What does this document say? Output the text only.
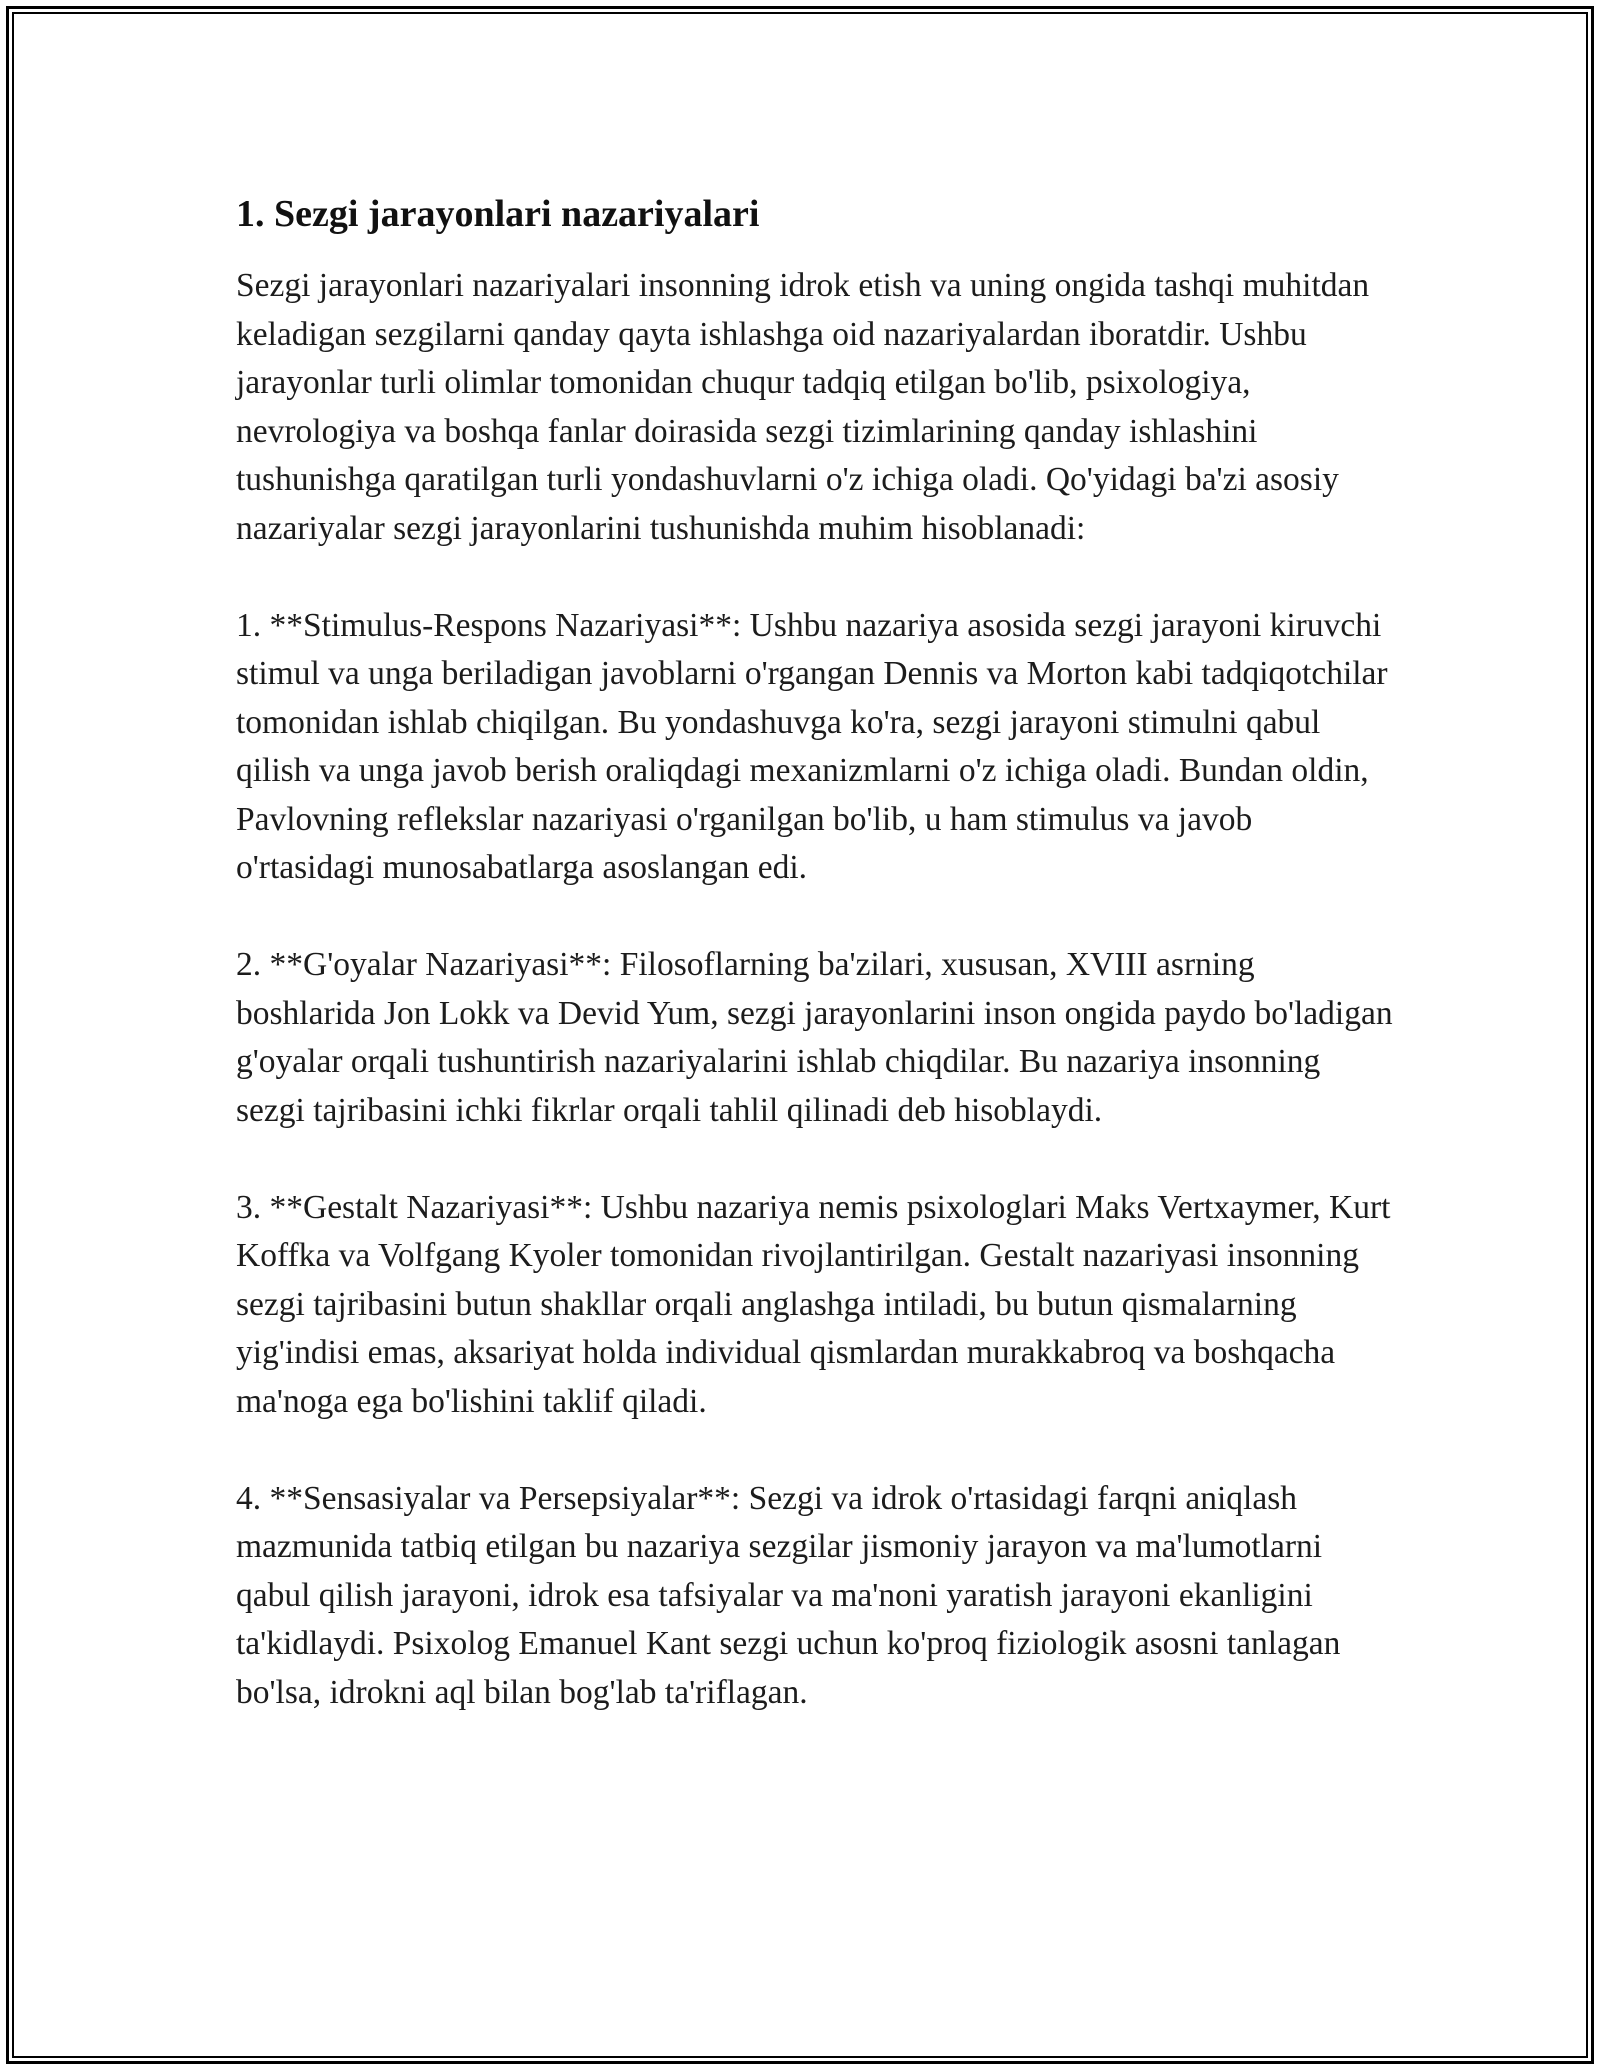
1. Sezgi jarayonlari nazariyalari

Sezgi jarayonlari nazariyalari insonning idrok etish va uning ongida tashqi muhitdan keladigan sezgilarni qanday qayta ishlashga oid nazariyalardan iboratdir. Ushbu jarayonlar turli olimlar tomonidan chuqur tadqiq etilgan bo'lib, psixologiya, nevrologiya va boshqa fanlar doirasida sezgi tizimlarining qanday ishlashini tushunishga qaratilgan turli yondashuvlarni o'z ichiga oladi. Qo'yidagi ba'zi asosiy nazariyalar sezgi jarayonlarini tushunishda muhim hisoblanadi:

1. **Stimulus-Respons Nazariyasi**: Ushbu nazariya asosida sezgi jarayoni kiruvchi stimul va unga beriladigan javoblarni o'rgangan Dennis va Morton kabi tadqiqotchilar tomonidan ishlab chiqilgan. Bu yondashuvga ko'ra, sezgi jarayoni stimulni qabul qilish va unga javob berish oraliqdagi mexanizmlarni o'z ichiga oladi. Bundan oldin, Pavlovning reflekslar nazariyasi o'rganilgan bo'lib, u ham stimulus va javob o'rtasidagi munosabatlarga asoslangan edi.

2. **G'oyalar Nazariyasi**: Filosoflarning ba'zilari, xususan, XVIII asrning boshlarida Jon Lokk va Devid Yum, sezgi jarayonlarini inson ongida paydo bo'ladigan g'oyalar orqali tushuntirish nazariyalarini ishlab chiqdilar. Bu nazariya insonning sezgi tajribasini ichki fikrlar orqali tahlil qilinadi deb hisoblaydi.

3. **Gestalt Nazariyasi**: Ushbu nazariya nemis psixologlari Maks Vertxaymer, Kurt Koffka va Volfgang Kyoler tomonidan rivojlantirilgan. Gestalt nazariyasi insonning sezgi tajribasini butun shakllar orqali anglashga intiladi, bu butun qismalarning yig'indisi emas, aksariyat holda individual qismlardan murakkabroq va boshqacha ma'noga ega bo'lishini taklif qiladi.

4. **Sensasiyalar va Persepsiyalar**: Sezgi va idrok o'rtasidagi farqni aniqlash mazmunida tatbiq etilgan bu nazariya sezgilar jismoniy jarayon va ma'lumotlarni qabul qilish jarayoni, idrok esa tafsiyalar va ma'noni yaratish jarayoni ekanligini ta'kidlaydi. Psixolog Emanuel Kant sezgi uchun ko'proq fiziologik asosni tanlagan bo'lsa, idrokni aql bilan bog'lab ta'riflagan.
